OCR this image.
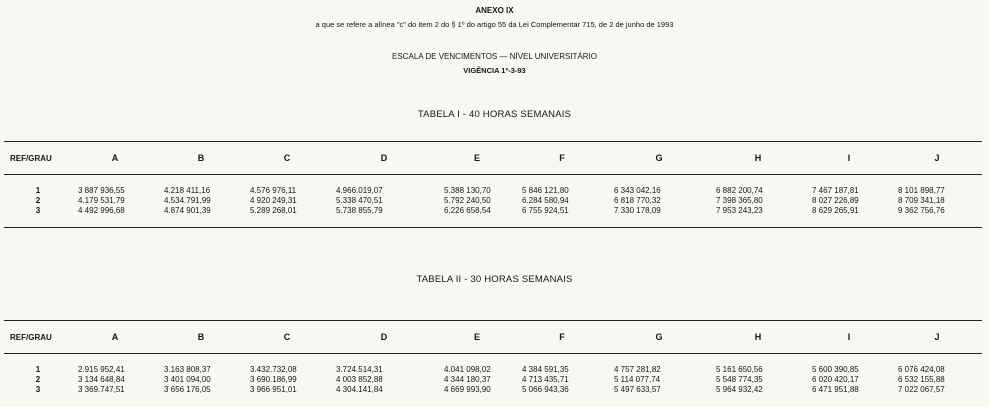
ANEXO IX
a que se refere a alínea "c" do item 2 do § 1º do artigo 55 da Lei Complementar 715, de 2 de junho de 1993
ESCALA DE VENCIMENTOS — NÍVEL UNIVERSITÁRIO
VIGÊNCIA 1º-3-93
TABELA I - 40 HORAS SEMANAIS
REF/GRAU	A	B	C	D	E	F	G	H	I	J
1	3 887 936,55	4.218 411,16	4.576 976,11	4.966.019,07	5.388 130,70	5 846 121,80	6 343 042,16	6 882 200,74	7 467 187,81	8 101 898,77
2	4.179 531,79	4.534.791,99	4 920 249,31	5.338 470,51	5.792 240,50	6.284 580,94	6 818 770,32	7 398 365,80	8 027 226,89	8 709 341,18
3	4 492 996,68	4.874 901,39	5.289 268,01	5.738 855,79	6.226 658,54	6 755 924,51	7 330 178,09	7 953 243,23	8 629 265,91	9 362 756,76
TABELA II - 30 HORAS SEMANAIS
REF/GRAU	A	B	C	D	E	F	G	H	I	J
1	2.915 952,41	3.163 808,37	3.432.732,08	3.724.514,31	4.041 098,02	4 384 591,35	4 757 281,82	5 161 650,56	5 600 390,85	6 076 424,08
2	3 134 648,84	3 401 094,00	3 690.186,99	4 003 852,88	4 344 180,37	4 713 435,71	5 114 077,74	5 548 774,35	6 020 420,17	6 532 155,88
3	3 369.747,51	3 656 176,05	3 966 951,01	4 304.141,84	4 669 993,90	5 066 943,36	5 497 633,57	5 964 932,42	6 471 951,88	7 022 067,57
